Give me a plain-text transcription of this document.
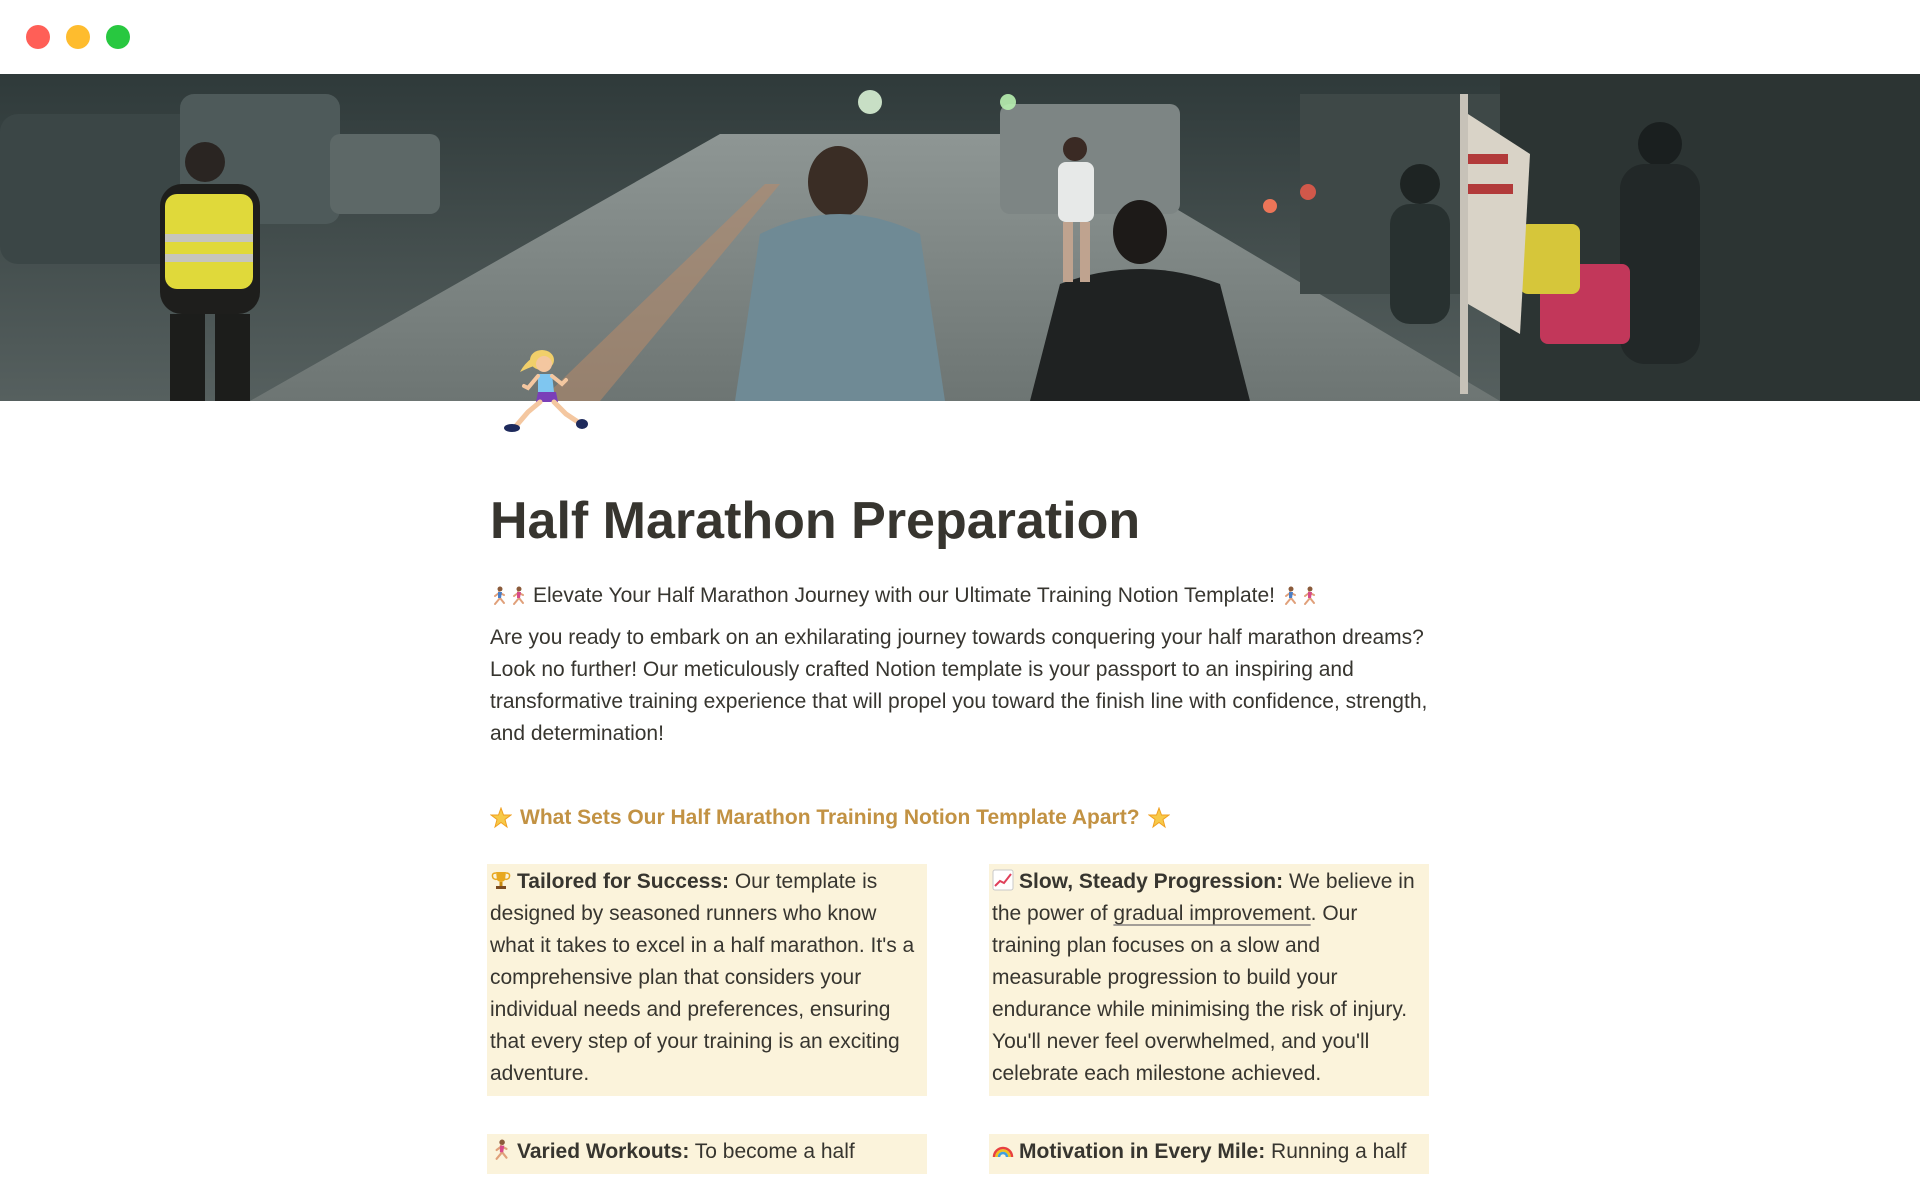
Half Marathon Preparation
Elevate Your Half Marathon Journey with our Ultimate Training Notion Template!

Are you ready to embark on an exhilarating journey towards conquering your half marathon dreams? Look no further! Our meticulously crafted Notion template is your passport to an inspiring and transformative training experience that will propel you toward the finish line with confidence, strength, and determination!

What Sets Our Half Marathon Training Notion Template Apart?
Tailored for Success: Our template is designed by seasoned runners who know what it takes to excel in a half marathon. It's a comprehensive plan that considers your individual needs and preferences, ensuring that every step of your training is an exciting adventure.
Slow, Steady Progression: We believe in the power of gradual improvement. Our training plan focuses on a slow and measurable progression to build your endurance while minimising the risk of injury. You'll never feel overwhelmed, and you'll celebrate each milestone achieved.
Varied Workouts: To become a half	Motivation in Every Mile: Running a half
